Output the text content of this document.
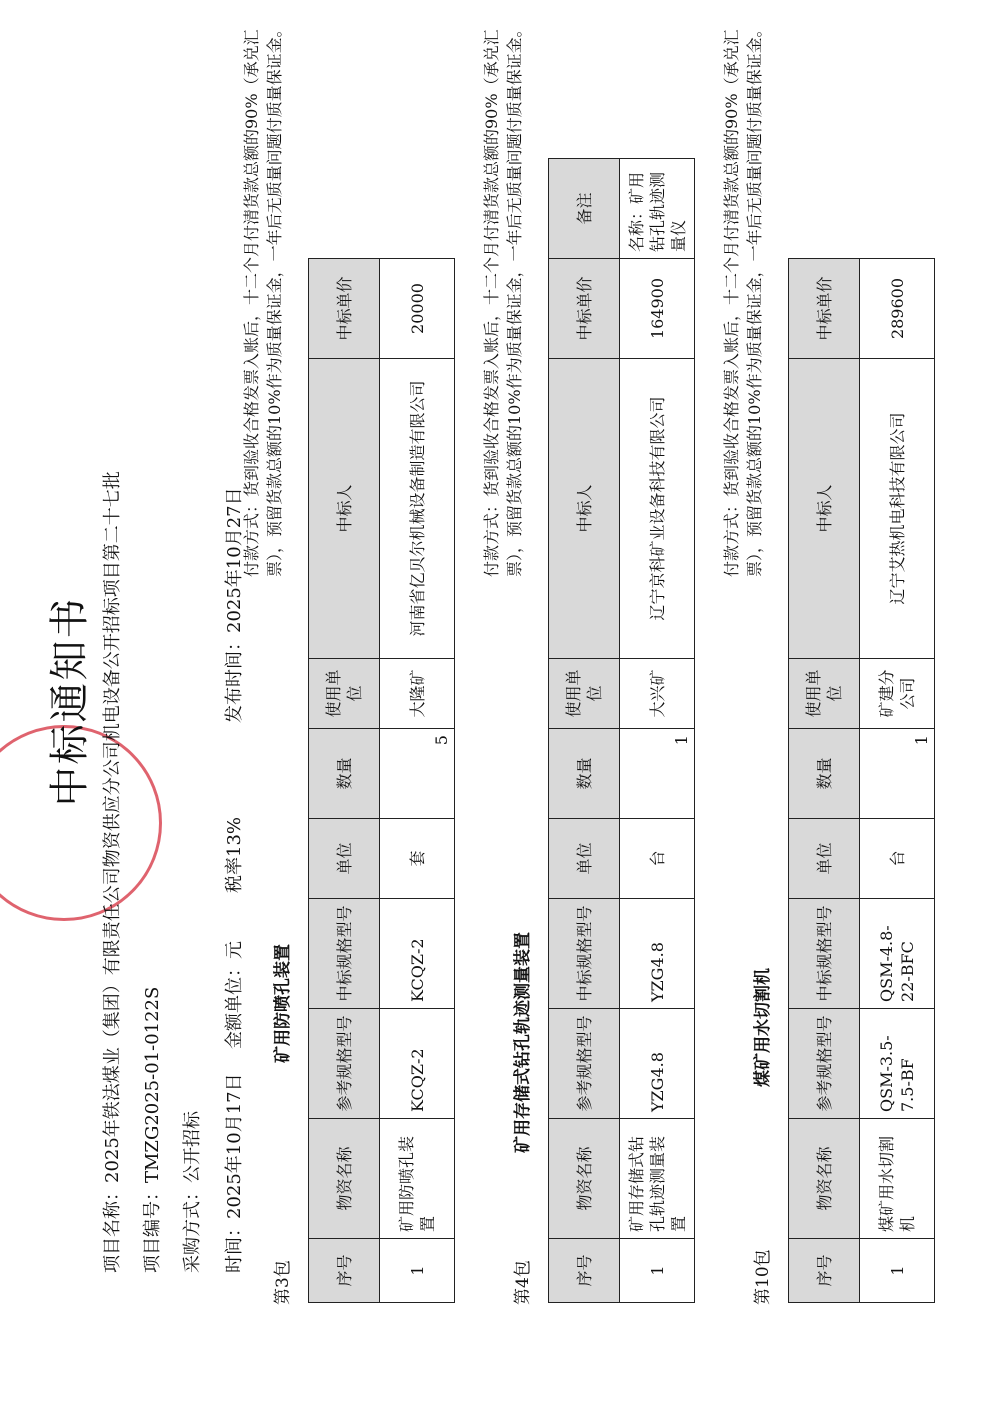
中标通知书
项目名称：2025年铁法煤业（集团）有限责任公司物资供应分公司机电设备公开招标项目第二十七批
项目编号：TMZG2025-01-0122S
采购方式：公开招标
时间：2025年10月17日
金额单位：元
税率13%
发布时间：2025年10月27日
第3包
矿用防喷孔装置
付款方式：货到验收合格发票入账后，十二个月付清货款总额的90%（承兑汇票），预留货款总额的10%作为质量保证金，一年后无质量问题付质量保证金。
序号	物资名称	参考规格型号	中标规格型号	单位	数量	使用单位	中标人	中标单价
1	矿用防喷孔装置	KCQZ-2	KCQZ-2	套	5	大隆矿	河南省亿贝尔机械设备制造有限公司	20000
第4包
矿用存储式钻孔轨迹测量装置
付款方式：货到验收合格发票入账后，十二个月付清货款总额的90%（承兑汇票），预留货款总额的10%作为质量保证金，一年后无质量问题付质量保证金。
序号	物资名称	参考规格型号	中标规格型号	单位	数量	使用单位	中标人	中标单价	备注
1	矿用存储式钻孔轨迹测量装置	YZG4.8	YZG4.8	台	1	大兴矿	辽宁京科矿业设备科技有限公司	164900	名称：矿用钻孔轨迹测量仪
第10包
煤矿用水切割机
付款方式：货到验收合格发票入账后，十二个月付清货款总额的90%（承兑汇票），预留货款总额的10%作为质量保证金，一年后无质量问题付质量保证金。
序号	物资名称	参考规格型号	中标规格型号	单位	数量	使用单位	中标人	中标单价
1	煤矿用水切割机	QSM-3.5-7.5-BF	QSM-4.8-22-BFC	台	1	矿建分公司	辽宁艾热机电科技有限公司	289600
